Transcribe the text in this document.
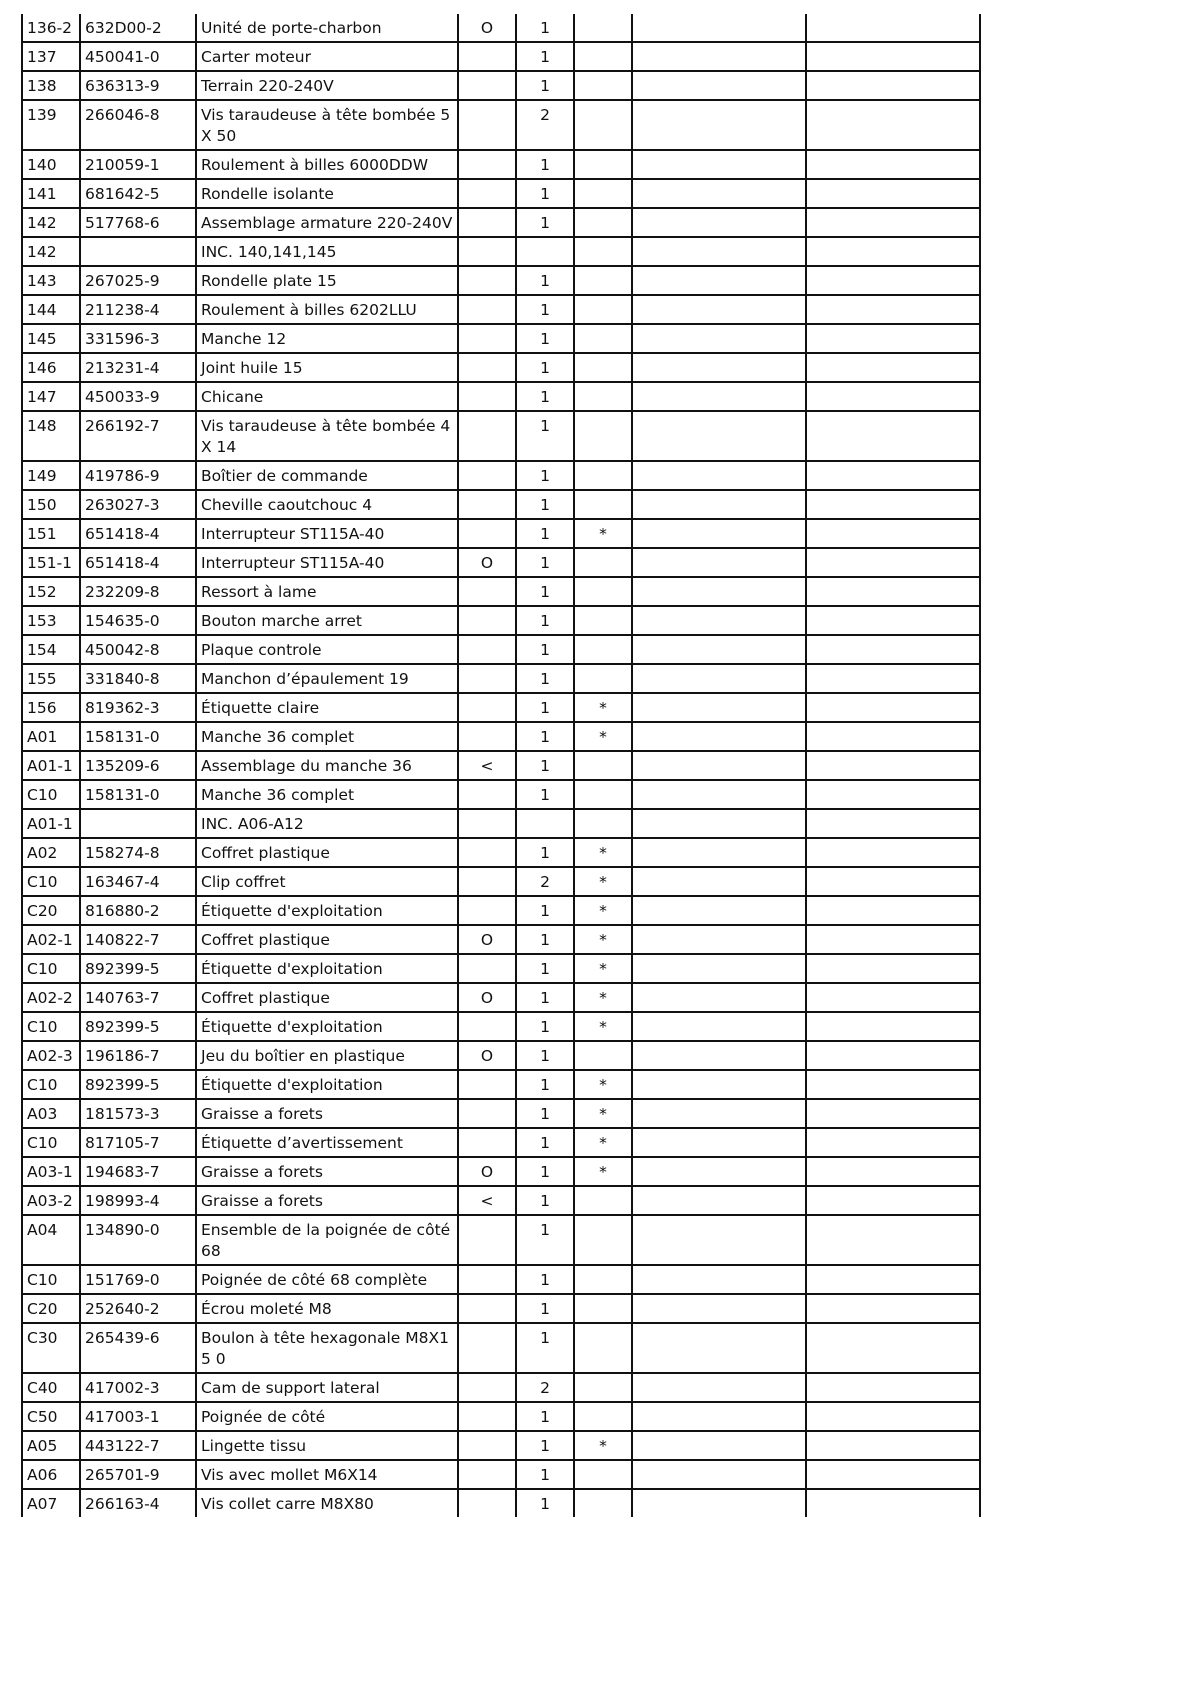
136-2	632D00-2	Unité de porte-charbon	O	1			
137	450041-0	Carter moteur		1			
138	636313-9	Terrain 220-240V		1			
139	266046-8	Vis taraudeuse à tête bombée 5X 50		2			
140	210059-1	Roulement à billes 6000DDW		1			
141	681642-5	Rondelle isolante		1			
142	517768-6	Assemblage armature 220-240V		1			
142		INC. 140,141,145					
143	267025-9	Rondelle plate 15		1			
144	211238-4	Roulement à billes 6202LLU		1			
145	331596-3	Manche 12		1			
146	213231-4	Joint huile 15		1			
147	450033-9	Chicane		1			
148	266192-7	Vis taraudeuse à tête bombée 4X 14		1			
149	419786-9	Boîtier de commande		1			
150	263027-3	Cheville caoutchouc 4		1			
151	651418-4	Interrupteur ST115A-40		1	*		
151-1	651418-4	Interrupteur ST115A-40	O	1			
152	232209-8	Ressort à lame		1			
153	154635-0	Bouton marche arret		1			
154	450042-8	Plaque controle		1			
155	331840-8	Manchon d’épaulement 19		1			
156	819362-3	Étiquette claire		1	*		
A01	158131-0	Manche 36 complet		1	*		
A01-1	135209-6	Assemblage du manche 36	<	1			
C10	158131-0	Manche 36 complet		1			
A01-1		INC. A06-A12					
A02	158274-8	Coffret plastique		1	*		
C10	163467-4	Clip coffret		2	*		
C20	816880-2	Étiquette d'exploitation		1	*		
A02-1	140822-7	Coffret plastique	O	1	*		
C10	892399-5	Étiquette d'exploitation		1	*		
A02-2	140763-7	Coffret plastique	O	1	*		
C10	892399-5	Étiquette d'exploitation		1	*		
A02-3	196186-7	Jeu du boîtier en plastique	O	1			
C10	892399-5	Étiquette d'exploitation		1	*		
A03	181573-3	Graisse a forets		1	*		
C10	817105-7	Étiquette d’avertissement		1	*		
A03-1	194683-7	Graisse a forets	O	1	*		
A03-2	198993-4	Graisse a forets	<	1			
A04	134890-0	Ensemble de la poignée de côté 68		1			
C10	151769-0	Poignée de côté 68 complète		1			
C20	252640-2	Écrou moleté M8		1			
C30	265439-6	Boulon à tête hexagonale M8X15 0		1			
C40	417002-3	Cam de support lateral		2			
C50	417003-1	Poignée de côté		1			
A05	443122-7	Lingette tissu		1	*		
A06	265701-9	Vis avec mollet M6X14		1			
A07	266163-4	Vis collet carre M8X80		1			
